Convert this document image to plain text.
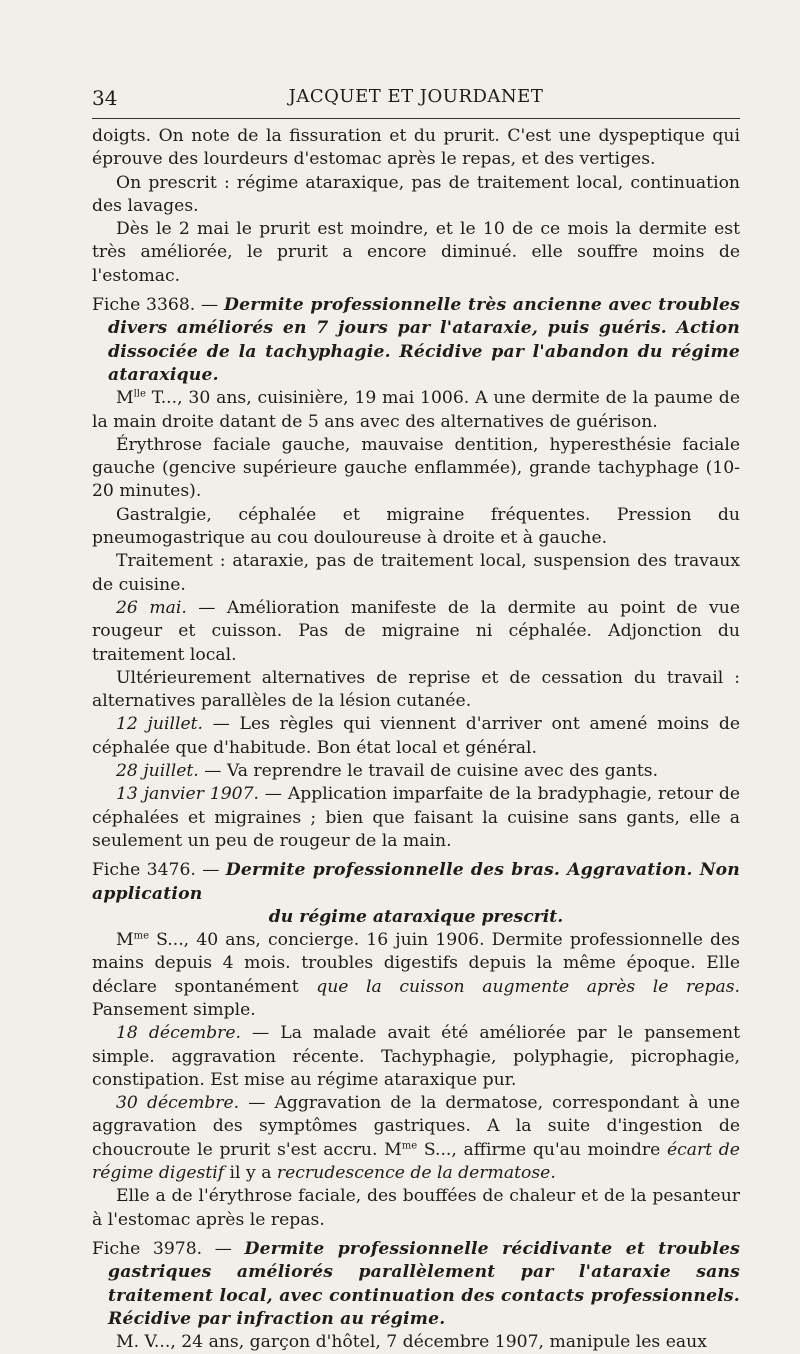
34	JACQUET ET JOURDANET

doigts. On note de la fissuration et du prurit. C'est une dyspeptique qui éprouve des lourdeurs d'estomac après le repas, et des vertiges.

On prescrit : régime ataraxique, pas de traitement local, continuation des lavages.

Dès le 2 mai le prurit est moindre, et le 10 de ce mois la dermite est très améliorée, le prurit a encore diminué. elle souffre moins de l'estomac.

Fiche 3368. — Dermite professionnelle très ancienne avec troubles divers améliorés en 7 jours par l'ataraxie, puis guéris. Action dissociée de la tachyphagie. Récidive par l'abandon du régime ataraxique.

$M^{lle}$ T..., 30 ans, cuisinière, 19 mai 1006. A une dermite de la paume de la main droite datant de 5 ans avec des alternatives de guérison.

Érythrose faciale gauche, mauvaise dentition, hyperesthésie faciale gauche (gencive supérieure gauche enflammée), grande tachyphage (10-20 minutes).

Gastralgie, céphalée et migraine fréquentes. Pression du pneumogastrique au cou douloureuse à droite et à gauche.

Traitement : ataraxie, pas de traitement local, suspension des travaux de cuisine.

26 mai. — Amélioration manifeste de la dermite au point de vue rougeur et cuisson. Pas de migraine ni céphalée. Adjonction du traitement local.

Ultérieurement alternatives de reprise et de cessation du travail : alternatives parallèles de la lésion cutanée.

12 juillet. — Les règles qui viennent d'arriver ont amené moins de céphalée que d'habitude. Bon état local et général.

28 juillet. — Va reprendre le travail de cuisine avec des gants.

13 janvier 1907. — Application imparfaite de la bradyphagie, retour de céphalées et migraines ; bien que faisant la cuisine sans gants, elle a seulement un peu de rougeur de la main.

Fiche 3476. — Dermite professionnelle des bras. Aggravation. Non application

du régime ataraxique prescrit.

$M^{me}$ S..., 40 ans, concierge. 16 juin 1906. Dermite professionnelle des mains depuis 4 mois. troubles digestifs depuis la même époque. Elle déclare spontanément que la cuisson augmente après le repas. Pansement simple.

18 décembre. — La malade avait été améliorée par le pansement simple. aggravation récente. Tachyphagie, polyphagie, picrophagie, constipation. Est mise au régime ataraxique pur.

30 décembre. — Aggravation de la dermatose, correspondant à une aggravation des symptômes gastriques. A la suite d'ingestion de choucroute le prurit s'est accru. $M^{me}$ S..., affirme qu'au moindre écart de régime digestif il y a recrudescence de la dermatose.

Elle a de l'érythrose faciale, des bouffées de chaleur et de la pesanteur à l'estomac après le repas.

Fiche 3978. — Dermite professionnelle récidivante et troubles gastriques améliorés parallèlement par l'ataraxie sans traitement local, avec continuation des contacts professionnels. Récidive par infraction au régime.

M. V..., 24 ans, garçon d'hôtel, 7 décembre 1907, manipule les eaux
